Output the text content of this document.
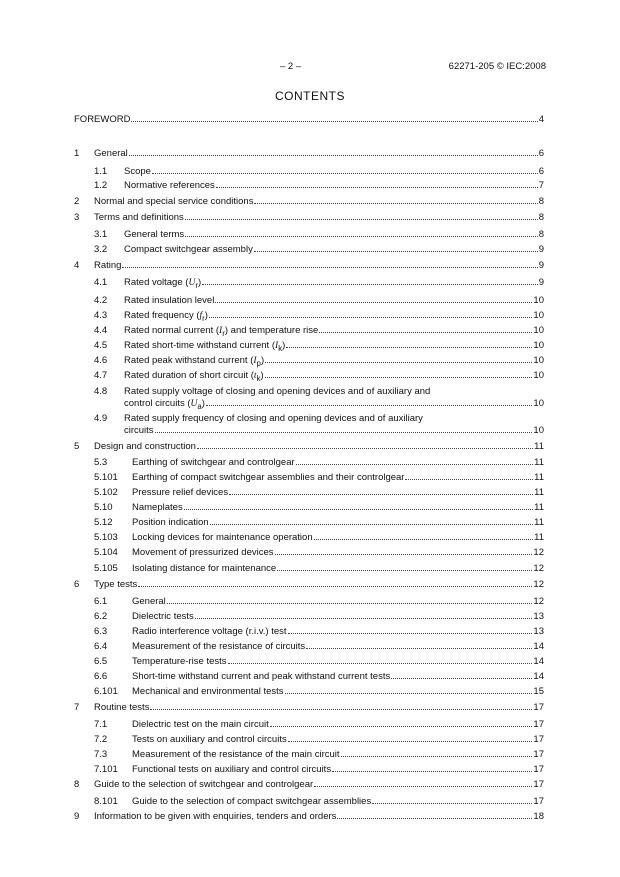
– 2 –	62271-205 © IEC:2008
CONTENTS
FOREWORD	4
1 General	6
1.1 Scope	6
1.2 Normative references	7
2 Normal and special service conditions	8
3 Terms and definitions	8
3.1 General terms	8
3.2 Compact switchgear assembly	9
4 Rating	9
4.1 Rated voltage $(U_r)$	9
4.2 Rated insulation level	10
4.3 Rated frequency $(f_r)$	10
4.4 Rated normal current $(I_r)$ and temperature rise	10
4.5 Rated short-time withstand current $(I_k)$	10
4.6 Rated peak withstand current $(I_p)$	10
4.7 Rated duration of short circuit $(t_k)$	10
4.8 Rated supply voltage of closing and opening devices and of auxiliary and
control circuits $(U_a)$	10
4.9 Rated supply frequency of closing and opening devices and of auxiliary
circuits	10
5 Design and construction	11
5.3	Earthing of switchgear and controlgear	11
5.101 Earthing of compact switchgear assemblies and their controlgear	11
5.102 Pressure relief devices	11
5.10 Nameplates	11
5.12 Position indication	11
5.103 Locking devices for maintenance operation	11
5.104 Movement of pressurized devices	12
5.105 Isolating distance for maintenance	12
6 Type tests	12
6.1	General	12
6.2	Dielectric tests	13
6.3	Radio interference voltage (r.i.v.) test	13
6.4	Measurement of the resistance of circuits	14
6.5	Temperature-rise tests	14
6.6	Short-time withstand current and peak withstand current tests	14
6.101 Mechanical and environmental tests	15
7 Routine tests	17
7.1	Dielectric test on the main circuit	17
7.2	Tests on auxiliary and control circuits	17
7.3	Measurement of the resistance of the main circuit	17
7.101 Functional tests on auxiliary and control circuits	17
8 Guide to the selection of switchgear and controlgear	17
8.101 Guide to the selection of compact switchgear assemblies	17
9 Information to be given with enquiries, tenders and orders	18
